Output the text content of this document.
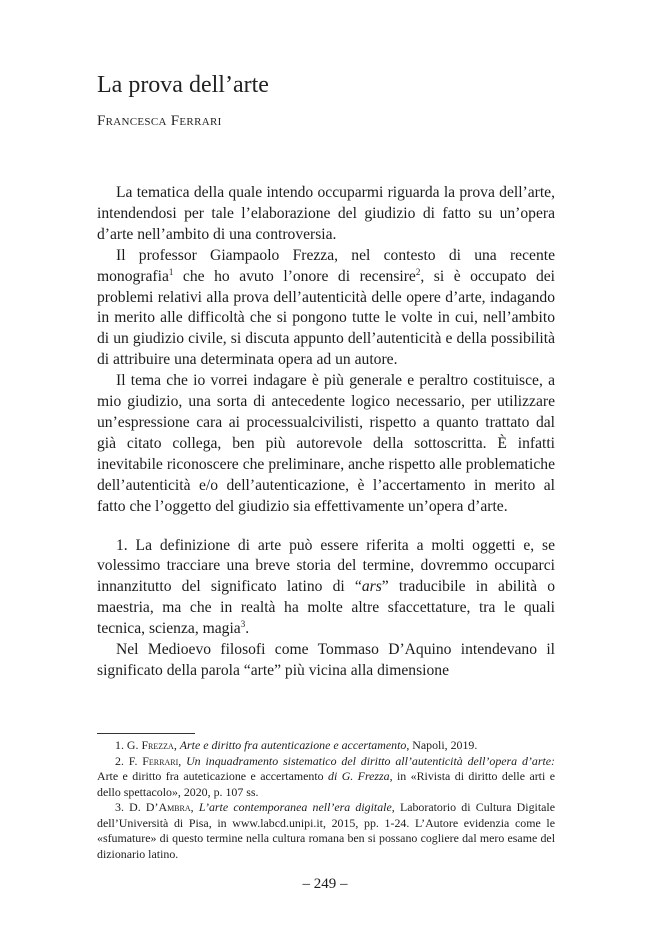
La prova dell’arte
Francesca Ferrari

La tematica della quale intendo occuparmi riguarda la prova dell’arte, intendendosi per tale l’elaborazione del giudizio di fatto su un’opera d’arte nell’ambito di una controversia.

Il professor Giampaolo Frezza, nel contesto di una recente monografia$^1$ che ho avuto l’onore di recensire$^2$, si è occupato dei problemi relativi alla prova dell’autenticità delle opere d’arte, indagando in merito alle difficoltà che si pongono tutte le volte in cui, nell’ambito di un giudizio civile, si discuta appunto dell’autenticità e della possibilità di attribuire una determinata opera ad un autore.

Il tema che io vorrei indagare è più generale e peraltro costituisce, a mio giudizio, una sorta di antecedente logico necessario, per utilizzare un’espressione cara ai processualcivilisti, rispetto a quanto trattato dal già citato collega, ben più autorevole della sottoscritta. È infatti inevitabile riconoscere che preliminare, anche rispetto alle problematiche dell’autenticità e/o dell’autenticazione, è l’accertamento in merito al fatto che l’oggetto del giudizio sia effettivamente un’opera d’arte.

1. La definizione di arte può essere riferita a molti oggetti e, se volessimo tracciare una breve storia del termine, dovremmo occuparci innanzitutto del significato latino di “ars” traducibile in abilità o maestria, ma che in realtà ha molte altre sfaccettature, tra le quali tecnica, scienza, magia$^3$.

Nel Medioevo filosofi come Tommaso D’Aquino intendevano il significato della parola “arte” più vicina alla dimensione

1. G. Frezza, Arte e diritto fra autenticazione e accertamento, Napoli, 2019.

2. F. Ferrari, Un inquadramento sistematico del diritto all’autenticità dell’opera d’arte: Arte e diritto fra auteticazione e accertamento di G. Frezza, in «Rivista di diritto delle arti e dello spettacolo», 2020, p. 107 ss.

3. D. D’Ambra, L’arte contemporanea nell’era digitale, Laboratorio di Cultura Digitale dell’Università di Pisa, in www.labcd.unipi.it, 2015, pp. 1-24. L’Autore evidenzia come le «sfumature» di questo termine nella cultura romana ben si possano cogliere dal mero esame del dizionario latino.

– 249 –
